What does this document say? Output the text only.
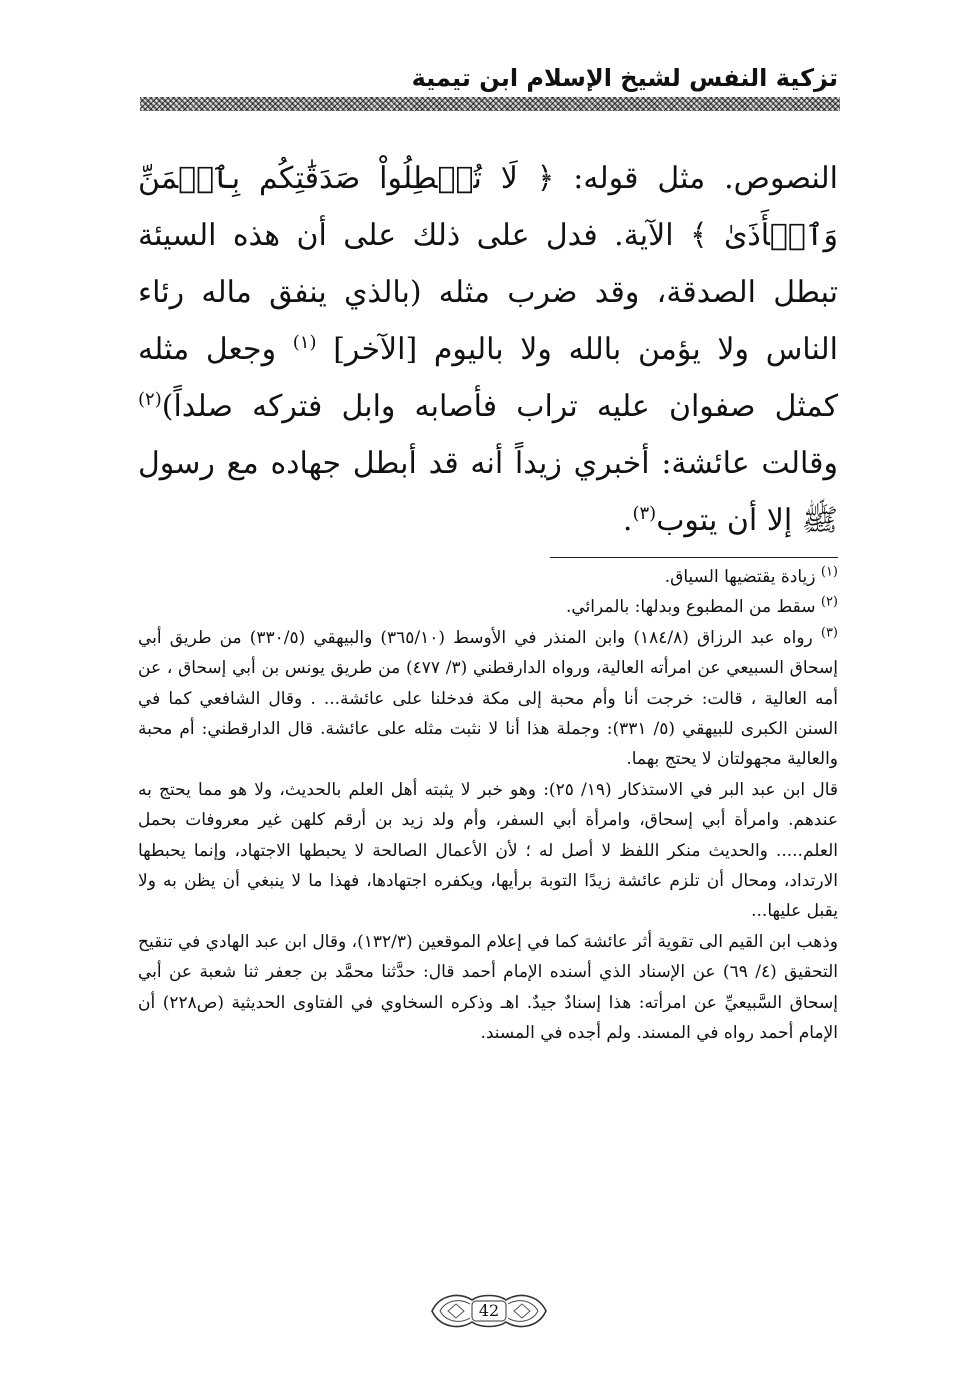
تزكية النفس لشيخ الإسلام ابن تيمية

النصوص. مثل قوله: ﴿ لَا تُبۡطِلُواْ صَدَقَٰتِكُم بِٱلۡمَنِّ وَٱلۡأَذَىٰ ﴾ الآية. فدل على ذلك على أن هذه السيئة تبطل الصدقة، وقد ضرب مثله (بالذي ينفق ماله رئاء الناس ولا يؤمن بالله ولا باليوم [الآخر] $^{(١)}$ وجعل مثله كمثل صفوان عليه تراب فأصابه وابل فتركه صلداً)$^{(٢)}$ وقالت عائشة: أخبري زيداً أنه قد أبطل جهاده مع رسول ﷺ إلا أن يتوب$^{(٣)}$.

$^{(١)}$ زيادة يقتضيها السياق.

$^{(٢)}$ سقط من المطبوع وبدلها: بالمرائي.

$^{(٣)}$ رواه عبد الرزاق (١٨٤/٨) وابن المنذر في الأوسط (٣٦٥/١٠) والبيهقي (٣٣٠/٥) من طريق أبي إسحاق السبيعي عن امرأته العالية، ورواه الدارقطني (٣/ ٤٧٧) من طريق يونس بن أبي إسحاق ، عن أمه العالية ، قالت: خرجت أنا وأم محبة إلى مكة فدخلنا على عائشة... . وقال الشافعي كما في السنن الكبرى للبيهقي (٥/ ٣٣١): وجملة هذا أنا لا نثبت مثله على عائشة. قال الدارقطني: أم محبة والعالية مجهولتان لا يحتج بهما.

قال ابن عبد البر في الاستذكار (١٩/ ٢٥): وهو خبر لا يثبته أهل العلم بالحديث، ولا هو مما يحتج به عندهم. وامرأة أبي إسحاق، وامرأة أبي السفر، وأم ولد زيد بن أرقم كلهن غير معروفات بحمل العلم..... والحديث منكر اللفظ لا أصل له ؛ لأن الأعمال الصالحة لا يحبطها الاجتهاد، وإنما يحبطها الارتداد، ومحال أن تلزم عائشة زيدًا التوبة برأيها، ويكفره اجتهادها، فهذا ما لا ينبغي أن يظن به ولا يقبل عليها...

وذهب ابن القيم الى تقوية أثر عائشة كما في إعلام الموقعين (١٣٢/٣)، وقال ابن عبد الهادي في تنقيح التحقيق (٤/ ٦٩) عن الإسناد الذي أسنده الإمام أحمد قال: حدَّثنا محمَّد بن جعفر ثنا شعبة عن أبي إسحاق السَّبيعيِّ عن امرأته: هذا إسنادٌ جيدٌ. اهـ وذكره السخاوي في الفتاوى الحديثية (ص٢٢٨) أن الإمام أحمد رواه في المسند. ولم أجده في المسند.

42
